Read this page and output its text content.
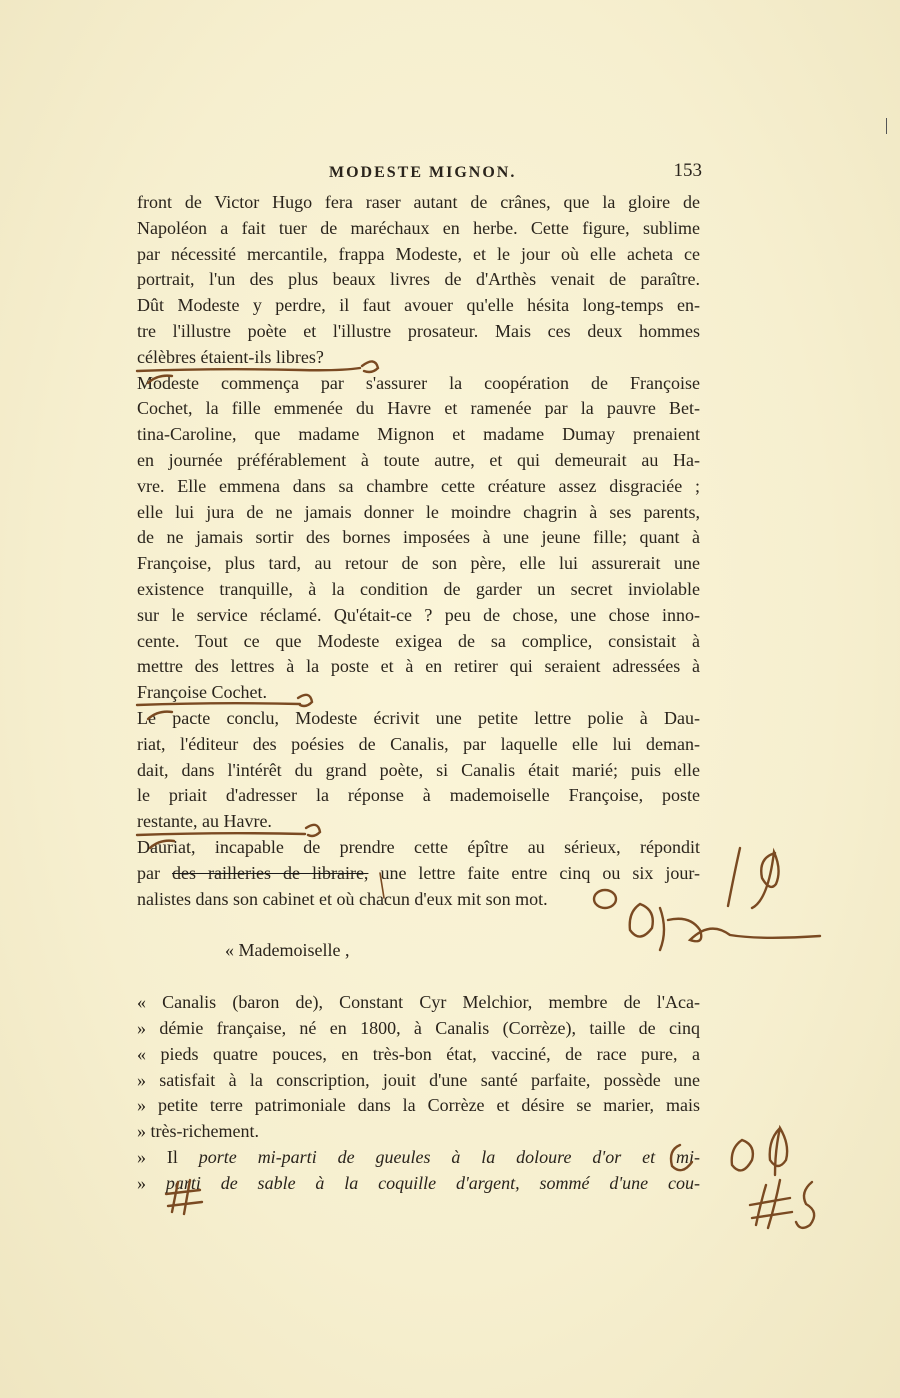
MODESTE MIGNON.	153
front de Victor Hugo fera raser autant de crânes, que la gloire de
Napoléon a fait tuer de maréchaux en herbe. Cette figure, sublime
par nécessité mercantile, frappa Modeste, et le jour où elle acheta ce
portrait, l'un des plus beaux livres de d'Arthès venait de paraître.
Dût Modeste y perdre, il faut avouer qu'elle hésita long-temps en-
tre l'illustre poète et l'illustre prosateur. Mais ces deux hommes
célèbres étaient-ils libres?
Modeste commença par s'assurer la coopération de Françoise
Cochet, la fille emmenée du Havre et ramenée par la pauvre Bet-
tina-Caroline, que madame Mignon et madame Dumay prenaient
en journée préférablement à toute autre, et qui demeurait au Ha-
vre. Elle emmena dans sa chambre cette créature assez disgraciée ;
elle lui jura de ne jamais donner le moindre chagrin à ses parents,
de ne jamais sortir des bornes imposées à une jeune fille; quant à
Françoise, plus tard, au retour de son père, elle lui assurerait une
existence tranquille, à la condition de garder un secret inviolable
sur le service réclamé. Qu'était-ce ? peu de chose, une chose inno-
cente. Tout ce que Modeste exigea de sa complice, consistait à
mettre des lettres à la poste et à en retirer qui seraient adressées à
Françoise Cochet.
Le pacte conclu, Modeste écrivit une petite lettre polie à Dau-
riat, l'éditeur des poésies de Canalis, par laquelle elle lui deman-
dait, dans l'intérêt du grand poète, si Canalis était marié; puis elle
le priait d'adresser la réponse à mademoiselle Françoise, poste
restante, au Havre.
Dauriat, incapable de prendre cette épître au sérieux, répondit
par des railleries de libraire, une lettre faite entre cinq ou six jour-
nalistes dans son cabinet et où chacun d'eux mit son mot.
« Mademoiselle ,
« Canalis (baron de), Constant Cyr Melchior, membre de l'Aca-
» démie française, né en 1800, à Canalis (Corrèze), taille de cinq
« pieds quatre pouces, en très-bon état, vacciné, de race pure, a
» satisfait à la conscription, jouit d'une santé parfaite, possède une
» petite terre patrimoniale dans la Corrèze et désire se marier, mais
» très-richement.
» Il porte mi-parti de gueules à la doloure d'or et mi-
» parti de sable à la coquille d'argent, sommé d'une cou-
